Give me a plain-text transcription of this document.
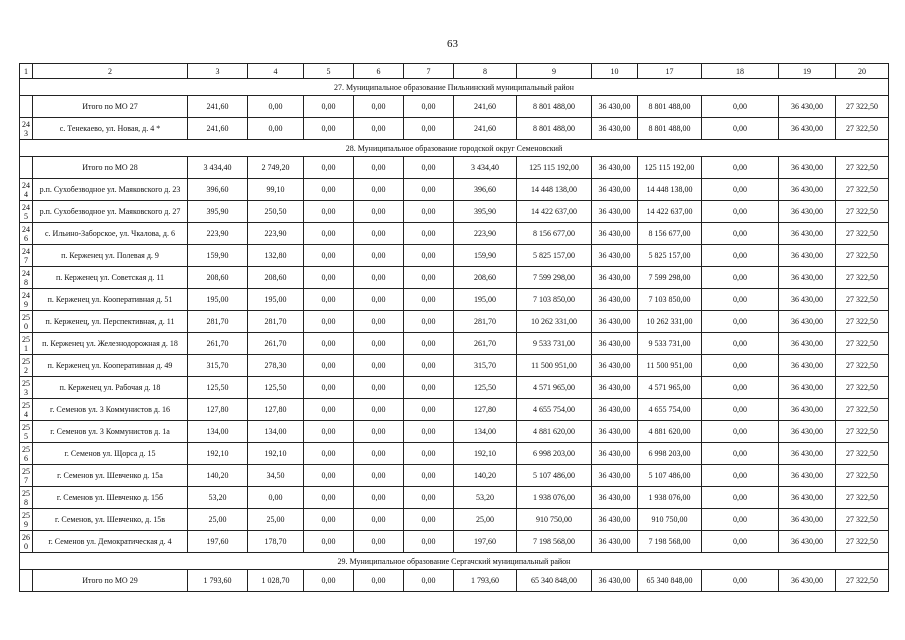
63
1	2	3	4	5	6	7	8	9	10	17	18	19	20
27. Муниципальное образование Пильнинский муниципальный район													
	Итого по МО 27	241,60	0,00	0,00	0,00	0,00	241,60	8 801 488,00	36 430,00	8 801 488,00	0,00	36 430,00	27 322,50
243	с. Тенекаево, ул. Новая, д. 4 *	241,60	0,00	0,00	0,00	0,00	241,60	8 801 488,00	36 430,00	8 801 488,00	0,00	36 430,00	27 322,50
28. Муниципальное образование городской округ Семеновский													
	Итого по МО 28	3 434,40	2 749,20	0,00	0,00	0,00	3 434,40	125 115 192,00	36 430,00	125 115 192,00	0,00	36 430,00	27 322,50
244	р.п. Сухобезводное ул. Маяковского д. 23	396,60	99,10	0,00	0,00	0,00	396,60	14 448 138,00	36 430,00	14 448 138,00	0,00	36 430,00	27 322,50
245	р.п. Сухобезводное ул. Маяковского д. 27	395,90	250,50	0,00	0,00	0,00	395,90	14 422 637,00	36 430,00	14 422 637,00	0,00	36 430,00	27 322,50
246	с. Ильино-Заборское, ул. Чкалова, д. 6	223,90	223,90	0,00	0,00	0,00	223,90	8 156 677,00	36 430,00	8 156 677,00	0,00	36 430,00	27 322,50
247	п. Керженец ул. Полевая д. 9	159,90	132,80	0,00	0,00	0,00	159,90	5 825 157,00	36 430,00	5 825 157,00	0,00	36 430,00	27 322,50
248	п. Керженец ул. Советская д. 11	208,60	208,60	0,00	0,00	0,00	208,60	7 599 298,00	36 430,00	7 599 298,00	0,00	36 430,00	27 322,50
249	п. Керженец ул. Кооперативная д. 51	195,00	195,00	0,00	0,00	0,00	195,00	7 103 850,00	36 430,00	7 103 850,00	0,00	36 430,00	27 322,50
250	п. Керженец, ул. Перспективная, д. 11	281,70	281,70	0,00	0,00	0,00	281,70	10 262 331,00	36 430,00	10 262 331,00	0,00	36 430,00	27 322,50
251	п. Керженец ул. Железнодорожная д. 18	261,70	261,70	0,00	0,00	0,00	261,70	9 533 731,00	36 430,00	9 533 731,00	0,00	36 430,00	27 322,50
252	п. Керженец ул. Кооперативная д. 49	315,70	278,30	0,00	0,00	0,00	315,70	11 500 951,00	36 430,00	11 500 951,00	0,00	36 430,00	27 322,50
253	п. Керженец ул. Рабочая д. 18	125,50	125,50	0,00	0,00	0,00	125,50	4 571 965,00	36 430,00	4 571 965,00	0,00	36 430,00	27 322,50
254	г. Семенов ул. 3 Коммунистов д. 16	127,80	127,80	0,00	0,00	0,00	127,80	4 655 754,00	36 430,00	4 655 754,00	0,00	36 430,00	27 322,50
255	г. Семенов ул. 3 Коммунистов д. 1а	134,00	134,00	0,00	0,00	0,00	134,00	4 881 620,00	36 430,00	4 881 620,00	0,00	36 430,00	27 322,50
256	г. Семенов ул. Щорса д. 15	192,10	192,10	0,00	0,00	0,00	192,10	6 998 203,00	36 430,00	6 998 203,00	0,00	36 430,00	27 322,50
257	г. Семенов ул. Шевченко д. 15а	140,20	34,50	0,00	0,00	0,00	140,20	5 107 486,00	36 430,00	5 107 486,00	0,00	36 430,00	27 322,50
258	г. Семенов ул. Шевченко д. 15б	53,20	0,00	0,00	0,00	0,00	53,20	1 938 076,00	36 430,00	1 938 076,00	0,00	36 430,00	27 322,50
259	г. Семенов, ул. Шевченко, д. 15в	25,00	25,00	0,00	0,00	0,00	25,00	910 750,00	36 430,00	910 750,00	0,00	36 430,00	27 322,50
260	г. Семенов ул. Демократическая д. 4	197,60	178,70	0,00	0,00	0,00	197,60	7 198 568,00	36 430,00	7 198 568,00	0,00	36 430,00	27 322,50
29. Муниципальное образование Сергачский муниципальный район													
	Итого по МО 29	1 793,60	1 028,70	0,00	0,00	0,00	1 793,60	65 340 848,00	36 430,00	65 340 848,00	0,00	36 430,00	27 322,50
